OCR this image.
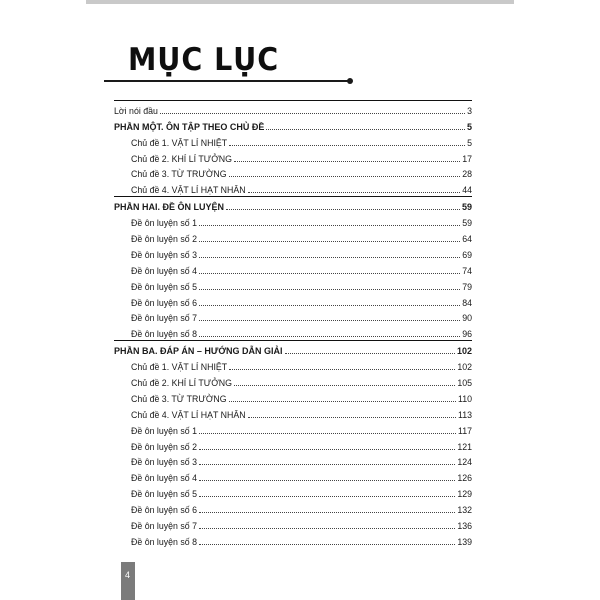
MỤC LỤC
Lời nói đầu	3
PHẦN MỘT. ÔN TẬP THEO CHỦ ĐỀ	5
Chủ đề 1. VẬT LÍ NHIỆT	5
Chủ đề 2. KHÍ LÍ TƯỞNG	17
Chủ đề 3. TỪ TRƯỜNG	28
Chủ đề 4. VẬT LÍ HẠT NHÂN	44
PHẦN HAI. ĐỀ ÔN LUYỆN	59
Đề ôn luyện số 1	59
Đề ôn luyện số 2	64
Đề ôn luyện số 3	69
Đề ôn luyện số 4	74
Đề ôn luyện số 5	79
Đề ôn luyện số 6	84
Đề ôn luyện số 7	90
Đề ôn luyện số 8	96
PHẦN BA. ĐÁP ÁN – HƯỚNG DẪN GIẢI	102
Chủ đề 1. VẬT LÍ NHIỆT	102
Chủ đề 2. KHÍ LÍ TƯỞNG	105
Chủ đề 3. TỪ TRƯỜNG	110
Chủ đề 4. VẬT LÍ HẠT NHÂN	113
Đề ôn luyện số 1	117
Đề ôn luyện số 2	121
Đề ôn luyện số 3	124
Đề ôn luyện số 4	126
Đề ôn luyện số 5	129
Đề ôn luyện số 6	132
Đề ôn luyện số 7	136
Đề ôn luyện số 8	139
4
